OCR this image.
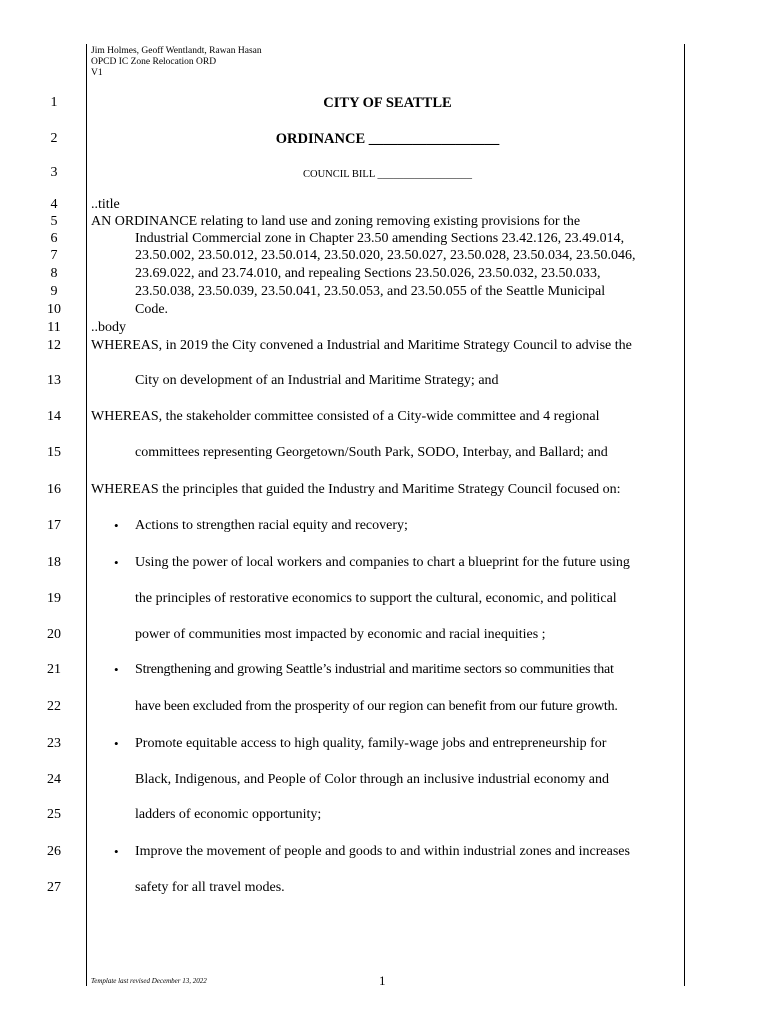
Jim Holmes, Geoff Wentlandt, Rawan Hasan
OPCD IC Zone Relocation ORD
V1
1
2
3
4
5
6
7
8
9
10
11
12
13
14
15
16
17
18
19
20
21
22
23
24
25
26
27
CITY OF SEATTLE
ORDINANCE __________________
COUNCIL BILL __________________
..title
AN ORDINANCE relating to land use and zoning removing existing provisions for the
Industrial Commercial zone in Chapter 23.50 amending Sections 23.42.126, 23.49.014,
23.50.002, 23.50.012, 23.50.014, 23.50.020, 23.50.027, 23.50.028, 23.50.034, 23.50.046,
23.69.022, and 23.74.010, and repealing Sections 23.50.026, 23.50.032, 23.50.033,
23.50.038, 23.50.039, 23.50.041, 23.50.053, and 23.50.055 of the Seattle Municipal
Code.
..body
WHEREAS, in 2019 the City convened a Industrial and Maritime Strategy Council to advise the
City on development of an Industrial and Maritime Strategy; and
WHEREAS, the stakeholder committee consisted of a City-wide committee and 4 regional
committees representing Georgetown/South Park, SODO, Interbay, and Ballard; and
WHEREAS the principles that guided the Industry and Maritime Strategy Council focused on:
• Actions to strengthen racial equity and recovery;
• Using the power of local workers and companies to chart a blueprint for the future using
the principles of restorative economics to support the cultural, economic, and political
power of communities most impacted by economic and racial inequities ;
• Strengthening and growing Seattle’s industrial and maritime sectors so communities that
have been excluded from the prosperity of our region can benefit from our future growth.
• Promote equitable access to high quality, family-wage jobs and entrepreneurship for
Black, Indigenous, and People of Color through an inclusive industrial economy and
ladders of economic opportunity;
• Improve the movement of people and goods to and within industrial zones and increases
safety for all travel modes.
Template last revised December 13, 2022	1
